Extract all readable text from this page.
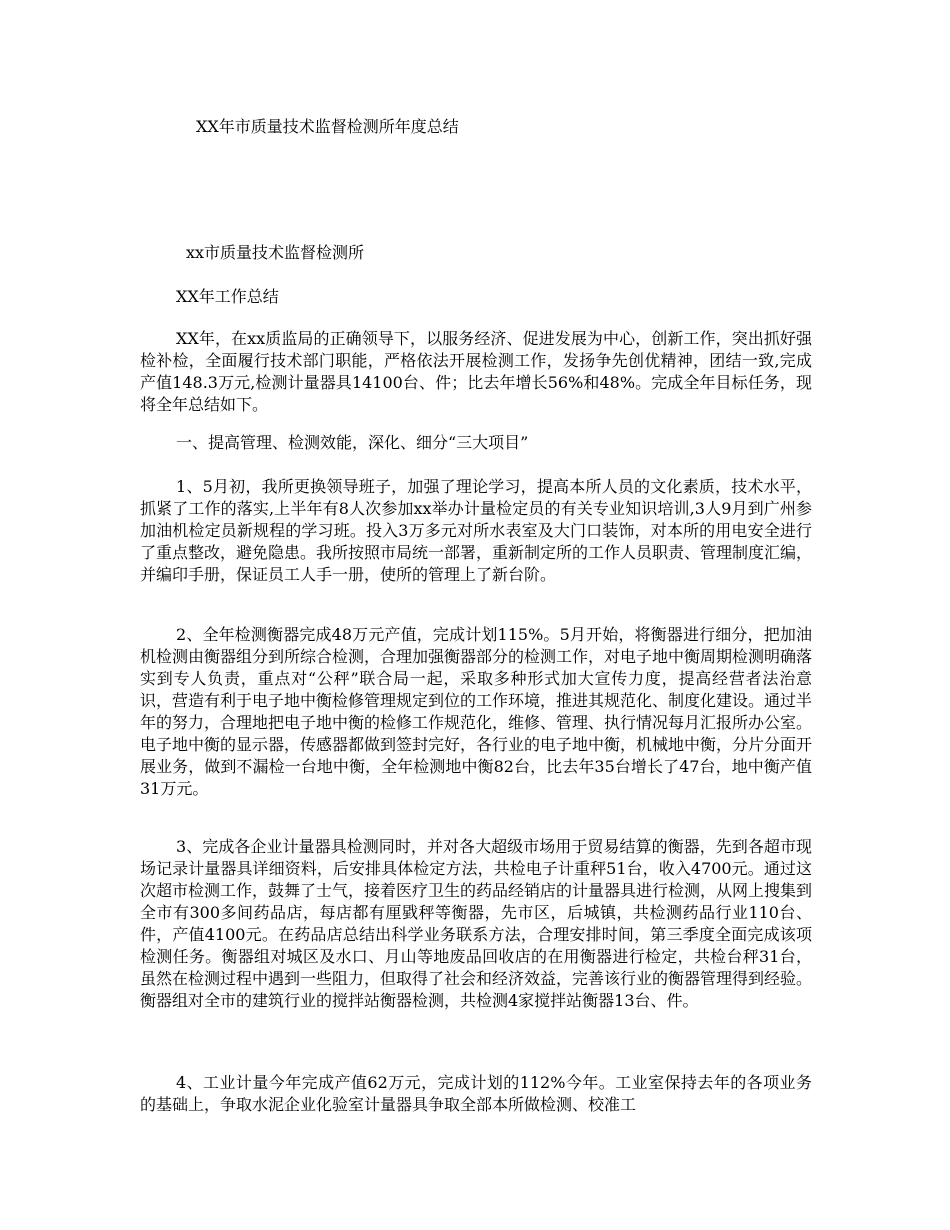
XX年市质量技术监督检测所年度总结
xx市质量技术监督检测所
XX年工作总结

XX年，在xx质监局的正确领导下，以服务经济、促进发展为中心，创新工作，突出抓好强检补检，全面履行技术部门职能，严格依法开展检测工作，发扬争先创优精神，团结一致,完成产值148.3万元,检测计量器具14100台、件；比去年增长56%和48%。完成全年目标任务，现将全年总结如下。

一、提高管理、检测效能，深化、细分“三大项目”

1、5月初，我所更换领导班子，加强了理论学习，提高本所人员的文化素质，技术水平，抓紧了工作的落实,上半年有8人次参加xx举办计量检定员的有关专业知识培训,3人9月到广州参加油机检定员新规程的学习班。投入3万多元对所水表室及大门口装饰，对本所的用电安全进行了重点整改，避免隐患。我所按照市局统一部署，重新制定所的工作人员职责、管理制度汇编，并编印手册，保证员工人手一册，使所的管理上了新台阶。

2、全年检测衡器完成48万元产值，完成计划115%。5月开始，将衡器进行细分，把加油机检测由衡器组分到所综合检测，合理加强衡器部分的检测工作，对电子地中衡周期检测明确落实到专人负责，重点对“公秤”联合局一起，采取多种形式加大宣传力度，提高经营者法治意识，营造有利于电子地中衡检修管理规定到位的工作环境，推进其规范化、制度化建设。通过半年的努力，合理地把电子地中衡的检修工作规范化，维修、管理、执行情况每月汇报所办公室。电子地中衡的显示器，传感器都做到签封完好，各行业的电子地中衡，机械地中衡，分片分面开展业务，做到不漏检一台地中衡，全年检测地中衡82台，比去年35台增长了47台，地中衡产值31万元。

3、完成各企业计量器具检测同时，并对各大超级市场用于贸易结算的衡器，先到各超市现场记录计量器具详细资料，后安排具体检定方法，共检电子计重秤51台，收入4700元。通过这次超市检测工作，鼓舞了士气，接着医疗卫生的药品经销店的计量器具进行检测，从网上搜集到全市有300多间药品店，每店都有厘戥秤等衡器，先市区，后城镇，共检测药品行业110台、件，产值4100元。在药品店总结出科学业务联系方法，合理安排时间，第三季度全面完成该项检测任务。衡器组对城区及水口、月山等地废品回收店的在用衡器进行检定，共检台秤31台，虽然在检测过程中遇到一些阻力，但取得了社会和经济效益，完善该行业的衡器管理得到经验。衡器组对全市的建筑行业的搅拌站衡器检测，共检测4家搅拌站衡器13台、件。

4、工业计量今年完成产值62万元，完成计划的112%今年。工业室保持去年的各项业务的基础上，争取水泥企业化验室计量器具争取全部本所做检测、校准工
